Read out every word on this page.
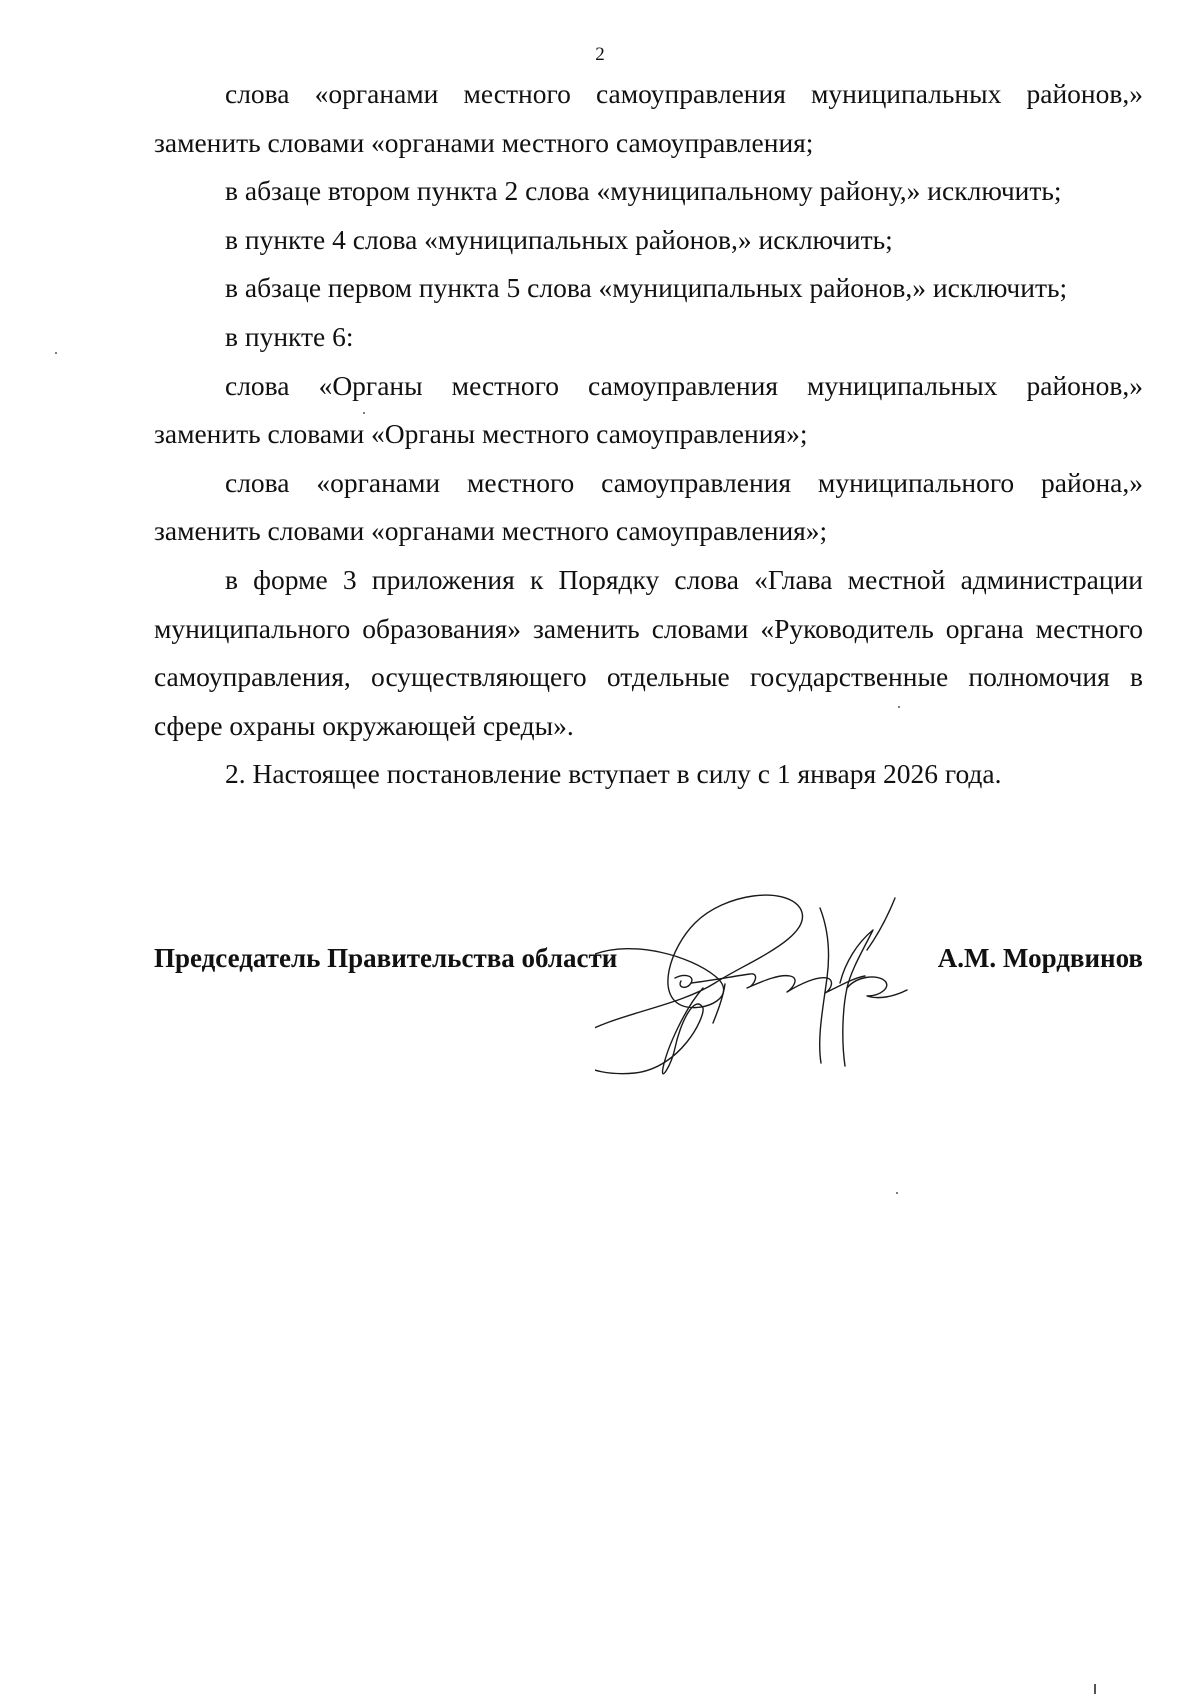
2

слова «органами местного самоуправления муниципальных районов,» заменить словами «органами местного самоуправления;

в абзаце втором пункта 2 слова «муниципальному району,» исключить;

в пункте 4 слова «муниципальных районов,» исключить;

в абзаце первом пункта 5 слова «муниципальных районов,» исключить;

в пункте 6:

слова «Органы местного самоуправления муниципальных районов,» заменить словами «Органы местного самоуправления»;

слова «органами местного самоуправления муниципального района,» заменить словами «органами местного самоуправления»;

в форме 3 приложения к Порядку слова «Глава местной администрации муниципального образования» заменить словами «Руководитель органа местного самоуправления, осуществляющего отдельные государственные полномочия в сфере охраны окружающей среды».

2. Настоящее постановление вступает в силу с 1 января 2026 года.

Председатель Правительства области	А.М. Мордвинов
